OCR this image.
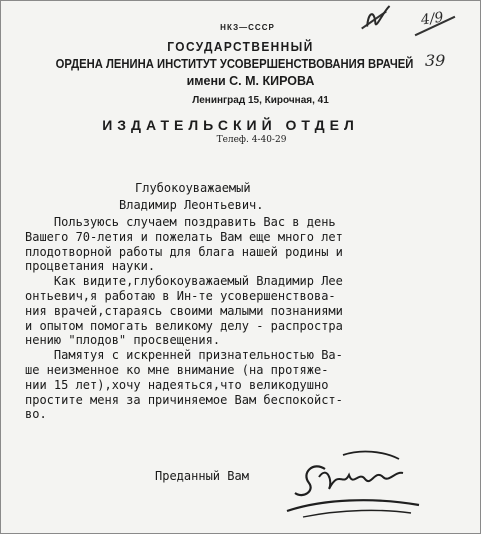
4/9
39
НКЗ—СССР
ГОСУДАРСТВЕННЫЙ
ОРДЕНА ЛЕНИНА ИНСТИТУТ УСОВЕРШЕНСТВОВАНИЯ ВРАЧЕЙ
имени С. М. КИРОВА
Ленинград 15, Кирочная, 41
ИЗДАТЕЛЬСКИЙ ОТДЕЛ
Телеф. 4-40-29
Глубокоуважаемый
Владимир Леонтьевич.
Пользуюсь случаем поздравить Вас в день
Вашего 70-летия и пожелать Вам еще много лет
плодотворной работы для блага нашей родины и
процветания науки.
Как видите,глубокоуважаемый Владимир Лее
онтьевич,я работаю в Ин-те усовершенствова-
ния врачей,стараясь своими малыми познаниями
и опытом помогать великому делу - распростра
нению "плодов" просвещения.
Памятуя с искренней признательностью Ва-
ше неизменное ко мне внимание (на протяже-
нии 15 лет),хочу надеяться,что великодушно
простите меня за причиняемое Вам беспокойст-
во.
Преданный Вам
